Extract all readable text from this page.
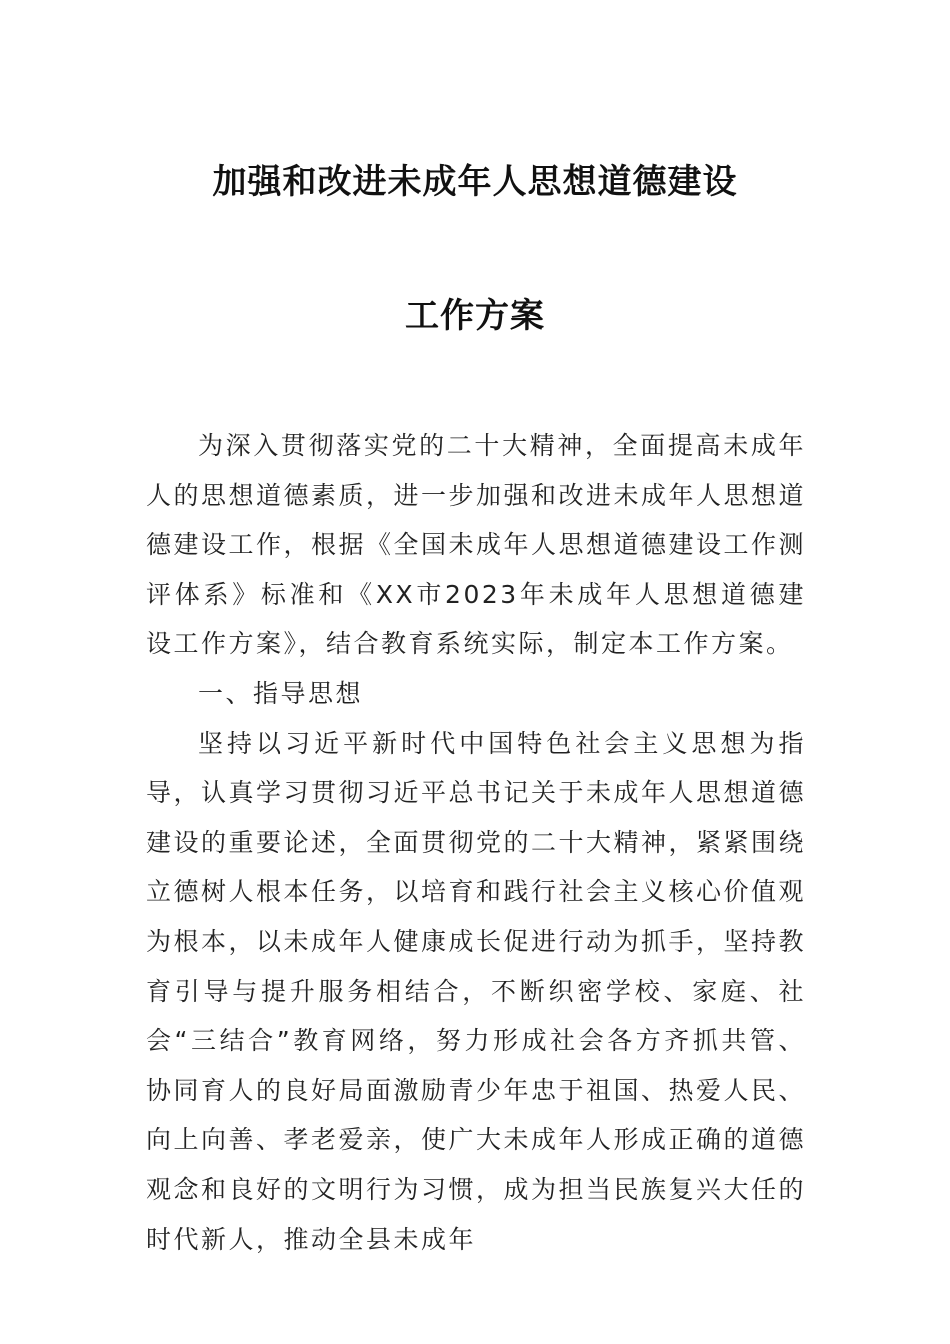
加强和改进未成年人思想道德建设
工作方案

为深入贯彻落实党的二十大精神，全面提高未成年人的思想道德素质，进一步加强和改进未成年人思想道德建设工作，根据《全国未成年人思想道德建设工作测评体系》标准和《XX市2023年未成年人思想道德建设工作方案》，结合教育系统实际，制定本工作方案。

一、指导思想

坚持以习近平新时代中国特色社会主义思想为指导，认真学习贯彻习近平总书记关于未成年人思想道德建设的重要论述，全面贯彻党的二十大精神，紧紧围绕立德树人根本任务，以培育和践行社会主义核心价值观为根本，以未成年人健康成长促进行动为抓手，坚持教育引导与提升服务相结合，不断织密学校、家庭、社会“三结合”教育网络，努力形成社会各方齐抓共管、协同育人的良好局面激励青少年忠于祖国、热爱人民、向上向善、孝老爱亲，使广大未成年人形成正确的道德观念和良好的文明行为习惯，成为担当民族复兴大任的时代新人，推动全县未成年
